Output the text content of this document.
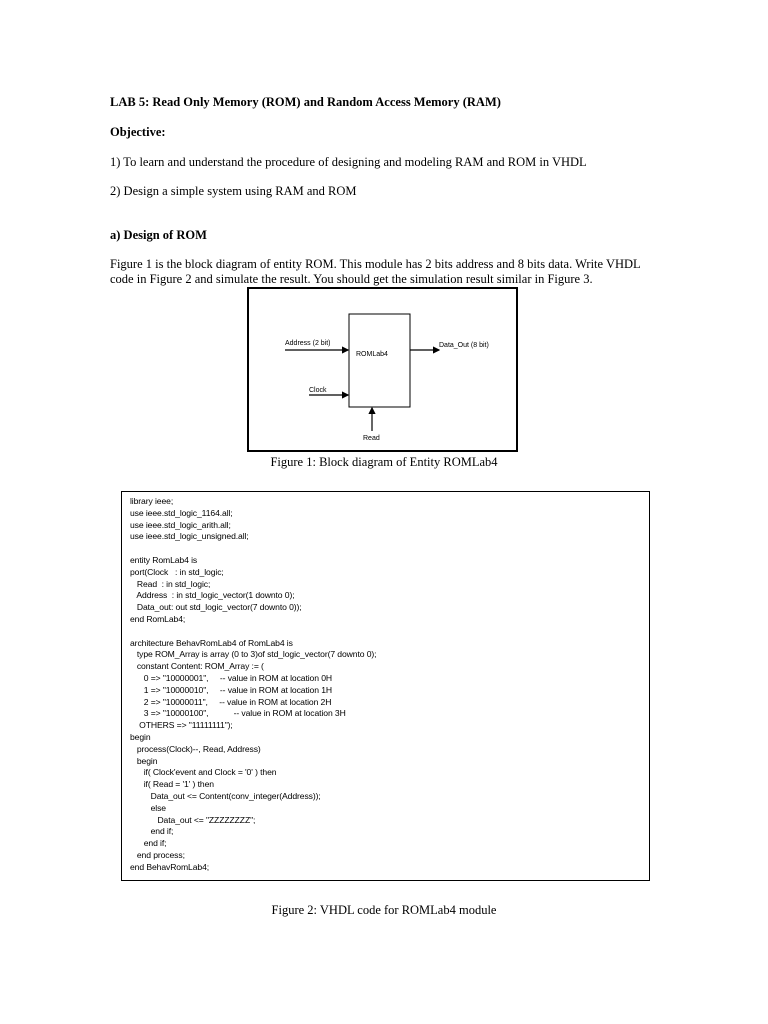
LAB 5: Read Only Memory (ROM) and Random Access Memory (RAM)
Objective:
1) To learn and understand the procedure of designing and modeling RAM and ROM in VHDL
2) Design a simple system using RAM and ROM
a) Design of ROM
Figure 1 is the block diagram of entity ROM. This module has 2 bits address and 8 bits data. Write VHDL
code in Figure 2 and simulate the result. You should get the simulation result similar in Figure 3.
ROMLab4
Address (2 bit)	Data_Out (8 bit)
Clock
Read
Figure 1: Block diagram of Entity ROMLab4
library ieee;
use ieee.std_logic_1164.all;
use ieee.std_logic_arith.all;
use ieee.std_logic_unsigned.all;
entity RomLab4 is
port(Clock   : in std_logic;
Read  : in std_logic;
Address  : in std_logic_vector(1 downto 0);
Data_out: out std_logic_vector(7 downto 0));
end RomLab4;
architecture BehavRomLab4 of RomLab4 is
type ROM_Array is array (0 to 3)of std_logic_vector(7 downto 0);
constant Content: ROM_Array := (
0 => "10000001",     -- value in ROM at location 0H
1 => "10000010",     -- value in ROM at location 1H
2 => "10000011",     -- value in ROM at location 2H
3 => "10000100",           -- value in ROM at location 3H
OTHERS => "11111111");
begin
process(Clock)--, Read, Address)
begin
if( Clock'event and Clock = '0' ) then
if( Read = '1' ) then
Data_out <= Content(conv_integer(Address));
else
Data_out <= "ZZZZZZZZ";
end if;
end if;
end process;
end BehavRomLab4;
Figure 2: VHDL code for ROMLab4 module
